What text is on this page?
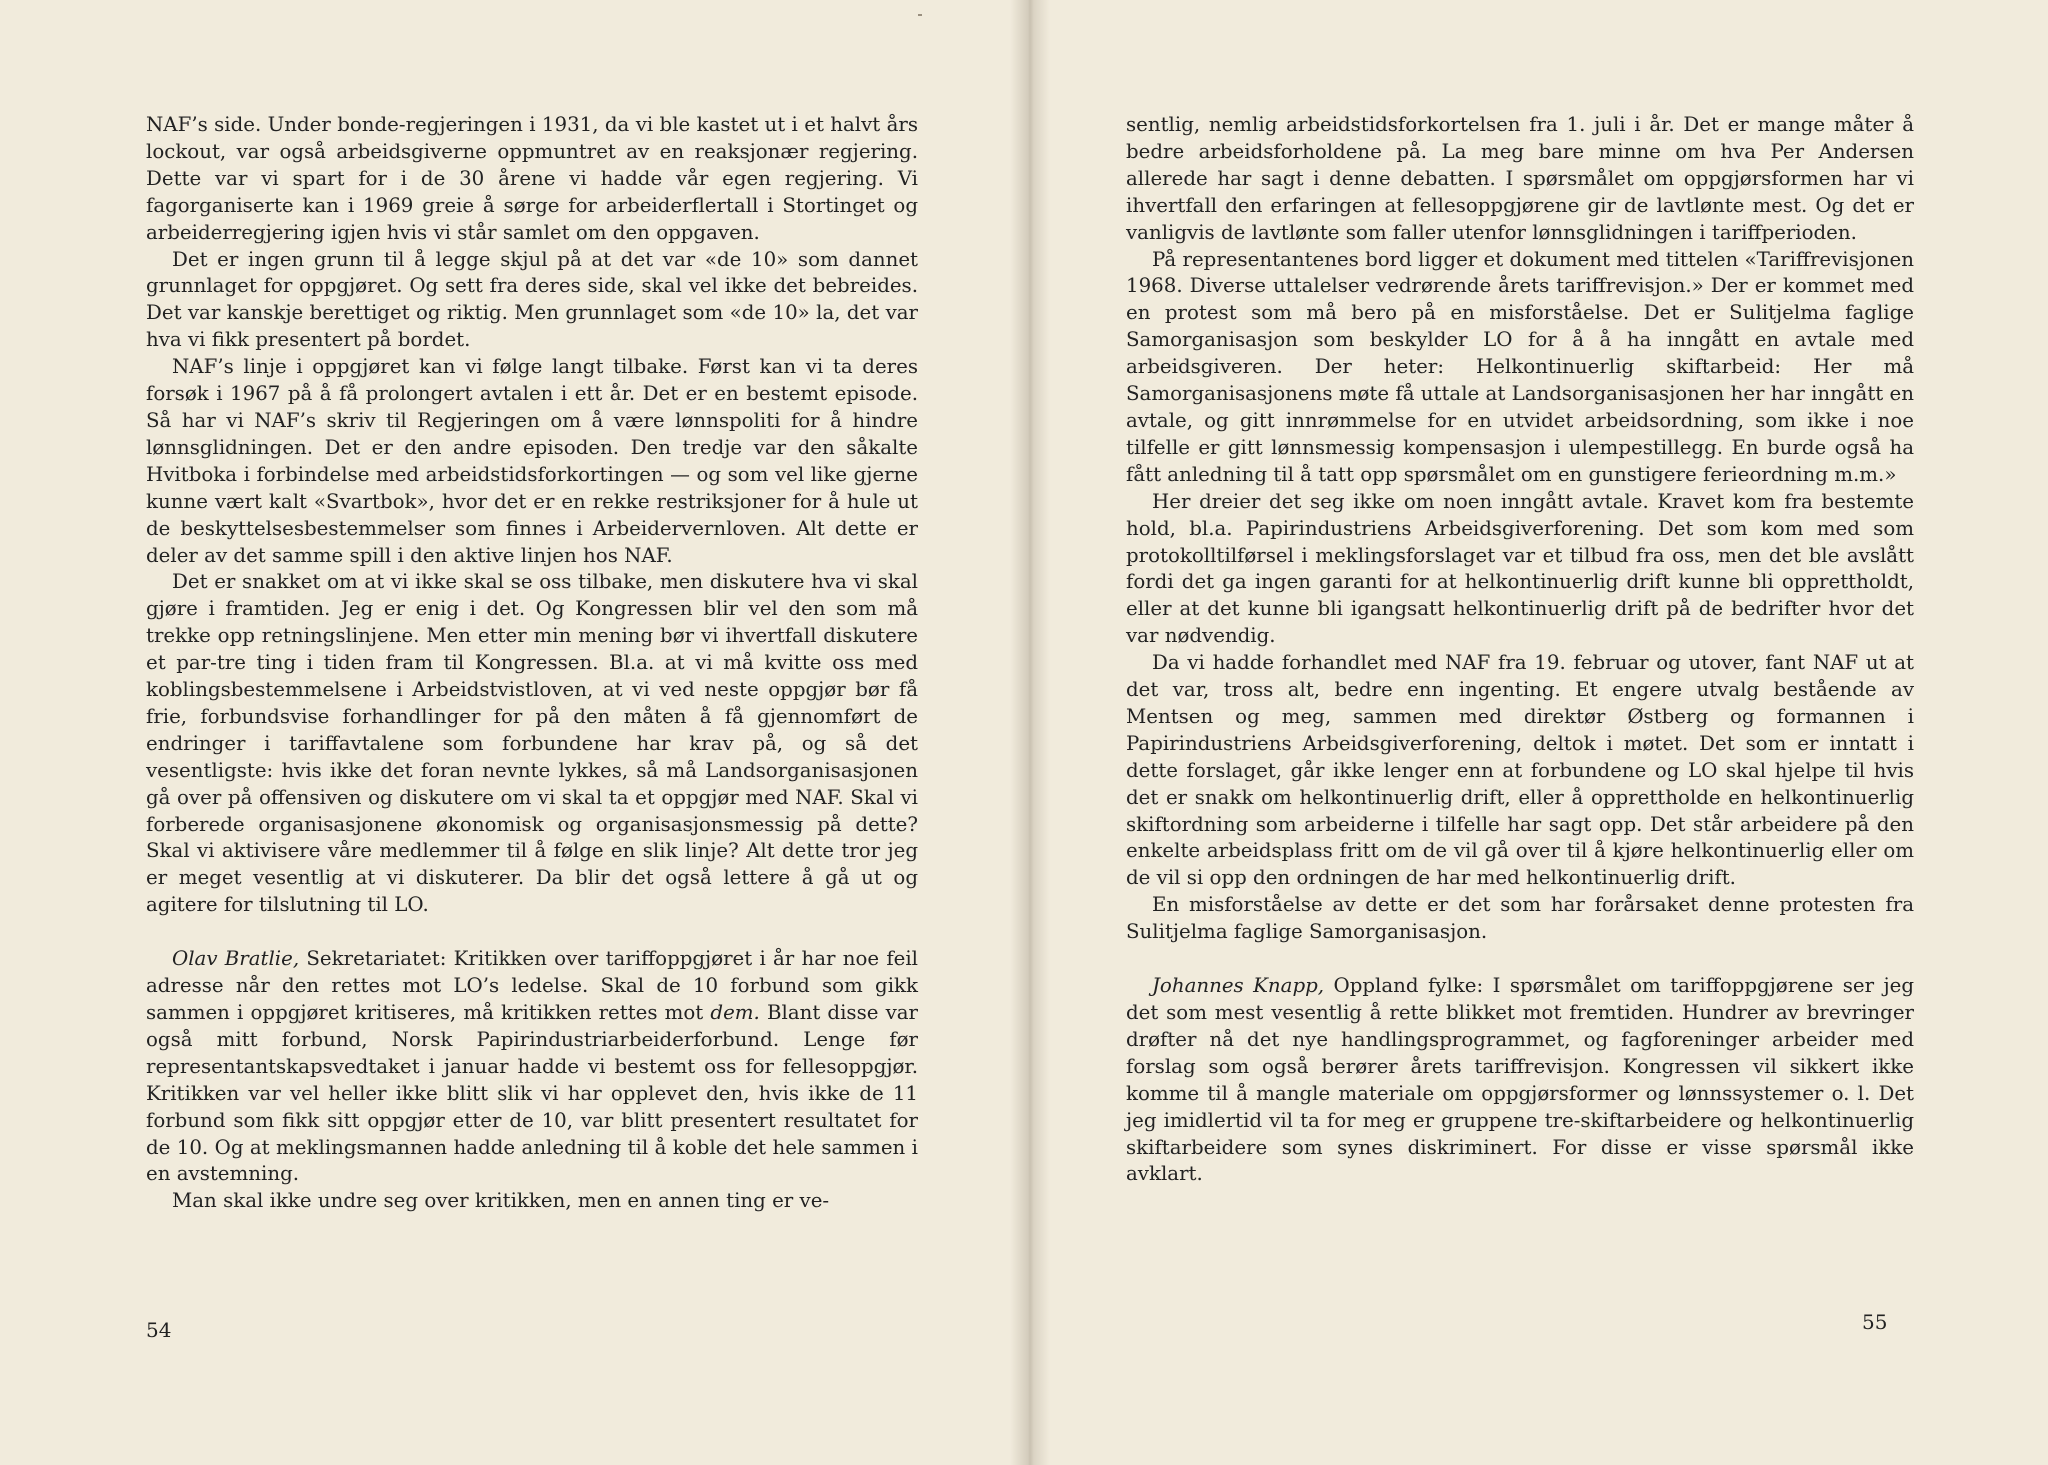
NAF’s side. Under bonde-regjeringen i 1931, da vi ble kastet ut i et halvt års lockout, var også arbeidsgiverne oppmuntret av en reaksjonær regjering. Dette var vi spart for i de 30 årene vi hadde vår egen regjering. Vi fagorganiserte kan i 1969 greie å sørge for arbeiderflertall i Stortinget og arbeiderregjering igjen hvis vi står samlet om den oppgaven.

Det er ingen grunn til å legge skjul på at det var «de 10» som dannet grunnlaget for oppgjøret. Og sett fra deres side, skal vel ikke det bebreides. Det var kanskje berettiget og riktig. Men grunnlaget som «de 10» la, det var hva vi fikk presentert på bordet.

NAF’s linje i oppgjøret kan vi følge langt tilbake. Først kan vi ta deres forsøk i 1967 på å få prolongert avtalen i ett år. Det er en bestemt episode. Så har vi NAF’s skriv til Regjeringen om å være lønnspoliti for å hindre lønnsglidningen. Det er den andre episoden. Den tredje var den såkalte Hvitboka i forbindelse med arbeidstidsforkortingen — og som vel like gjerne kunne vært kalt «Svartbok», hvor det er en rekke restriksjoner for å hule ut de beskyttelsesbestemmelser som finnes i Arbeidervernloven. Alt dette er deler av det samme spill i den aktive linjen hos NAF.

Det er snakket om at vi ikke skal se oss tilbake, men diskutere hva vi skal gjøre i framtiden. Jeg er enig i det. Og Kongressen blir vel den som må trekke opp retningslinjene. Men etter min mening bør vi ihvertfall diskutere et par-tre ting i tiden fram til Kongressen. Bl.a. at vi må kvitte oss med koblingsbestemmelsene i Arbeidstvistloven, at vi ved neste oppgjør bør få frie, forbundsvise forhandlinger for på den måten å få gjennomført de endringer i tariffavtalene som forbundene har krav på, og så det vesentligste: hvis ikke det foran nevnte lykkes, så må Landsorganisasjonen gå over på offensiven og diskutere om vi skal ta et oppgjør med NAF. Skal vi forberede organisasjonene økonomisk og organisasjonsmessig på dette? Skal vi aktivisere våre medlemmer til å følge en slik linje? Alt dette tror jeg er meget vesentlig at vi diskuterer. Da blir det også lettere å gå ut og agitere for tilslutning til LO.

Olav Bratlie, Sekretariatet: Kritikken over tariffoppgjøret i år har noe feil adresse når den rettes mot LO’s ledelse. Skal de 10 forbund som gikk sammen i oppgjøret kritiseres, må kritikken rettes mot dem. Blant disse var også mitt forbund, Norsk Papirindustriarbeiderforbund. Lenge før representantskapsvedtaket i januar hadde vi bestemt oss for fellesoppgjør. Kritikken var vel heller ikke blitt slik vi har opplevet den, hvis ikke de 11 forbund som fikk sitt oppgjør etter de 10, var blitt presentert resultatet for de 10. Og at meklingsmannen hadde anledning til å koble det hele sammen i en avstemning.

Man skal ikke undre seg over kritikken, men en annen ting er ve-

54

sentlig, nemlig arbeidstidsforkortelsen fra 1. juli i år. Det er mange måter å bedre arbeidsforholdene på. La meg bare minne om hva Per Andersen allerede har sagt i denne debatten. I spørsmålet om oppgjørsformen har vi ihvertfall den erfaringen at fellesoppgjørene gir de lavtlønte mest. Og det er vanligvis de lavtlønte som faller utenfor lønnsglidningen i tariffperioden.

På representantenes bord ligger et dokument med tittelen «Tariffrevisjonen 1968. Diverse uttalelser vedrørende årets tariffrevisjon.» Der er kommet med en protest som må bero på en misforståelse. Det er Sulitjelma faglige Samorganisasjon som beskylder LO for å å ha inngått en avtale med arbeidsgiveren. Der heter: Helkontinuerlig skiftarbeid: Her må Samorganisasjonens møte få uttale at Landsorganisasjonen her har inngått en avtale, og gitt innrømmelse for en utvidet arbeidsordning, som ikke i noe tilfelle er gitt lønnsmessig kompensasjon i ulempestillegg. En burde også ha fått anledning til å tatt opp spørsmålet om en gunstigere ferieordning m.m.»

Her dreier det seg ikke om noen inngått avtale. Kravet kom fra bestemte hold, bl.a. Papirindustriens Arbeidsgiverforening. Det som kom med som protokolltilførsel i meklingsforslaget var et tilbud fra oss, men det ble avslått fordi det ga ingen garanti for at helkontinuerlig drift kunne bli opprettholdt, eller at det kunne bli igangsatt helkontinuerlig drift på de bedrifter hvor det var nødvendig.

Da vi hadde forhandlet med NAF fra 19. februar og utover, fant NAF ut at det var, tross alt, bedre enn ingenting. Et engere utvalg bestående av Mentsen og meg, sammen med direktør Østberg og formannen i Papirindustriens Arbeidsgiverforening, deltok i møtet. Det som er inntatt i dette forslaget, går ikke lenger enn at forbundene og LO skal hjelpe til hvis det er snakk om helkontinuerlig drift, eller å opprettholde en helkontinuerlig skiftordning som arbeiderne i tilfelle har sagt opp. Det står arbeidere på den enkelte arbeidsplass fritt om de vil gå over til å kjøre helkontinuerlig eller om de vil si opp den ordningen de har med helkontinuerlig drift.

En misforståelse av dette er det som har forårsaket denne protesten fra Sulitjelma faglige Samorganisasjon.

Johannes Knapp, Oppland fylke: I spørsmålet om tariffoppgjørene ser jeg det som mest vesentlig å rette blikket mot fremtiden. Hundrer av brevringer drøfter nå det nye handlingsprogrammet, og fagforeninger arbeider med forslag som også berører årets tariffrevisjon. Kongressen vil sikkert ikke komme til å mangle materiale om oppgjørsformer og lønnssystemer o. l. Det jeg imidlertid vil ta for meg er gruppene tre-skiftarbeidere og helkontinuerlig skiftarbeidere som synes diskriminert. For disse er visse spørsmål ikke avklart.

55
